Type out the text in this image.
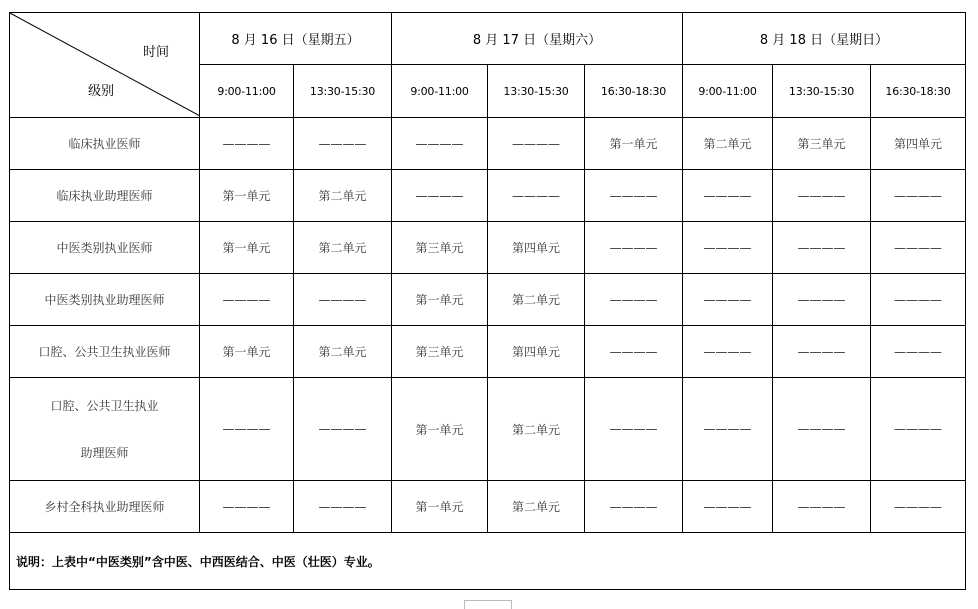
时间
级别	8 月 16 日（星期五）		8 月 17 日（星期六）			8 月 18 日（星期日）		
	9:00-11:00	13:30-15:30	9:00-11:00	13:30-15:30	16:30-18:30	9:00-11:00	13:30-15:30	16:30-18:30
临床执业医师	————	————	————	————	第一单元	第二单元	第三单元	第四单元
临床执业助理医师	第一单元	第二单元	————	————	————	————	————	————
中医类别执业医师	第一单元	第二单元	第三单元	第四单元	————	————	————	————
中医类别执业助理医师	————	————	第一单元	第二单元	————	————	————	————
口腔、公共卫生执业医师	第一单元	第二单元	第三单元	第四单元	————	————	————	————

口腔、公共卫生执业
助理医师	————	————	第一单元	第二单元	————	————	————	————
乡村全科执业助理医师	————	————	第一单元	第二单元	————	————	————	————
说明：上表中“中医类别”含中医、中西医结合、中医（壮医）专业。								
